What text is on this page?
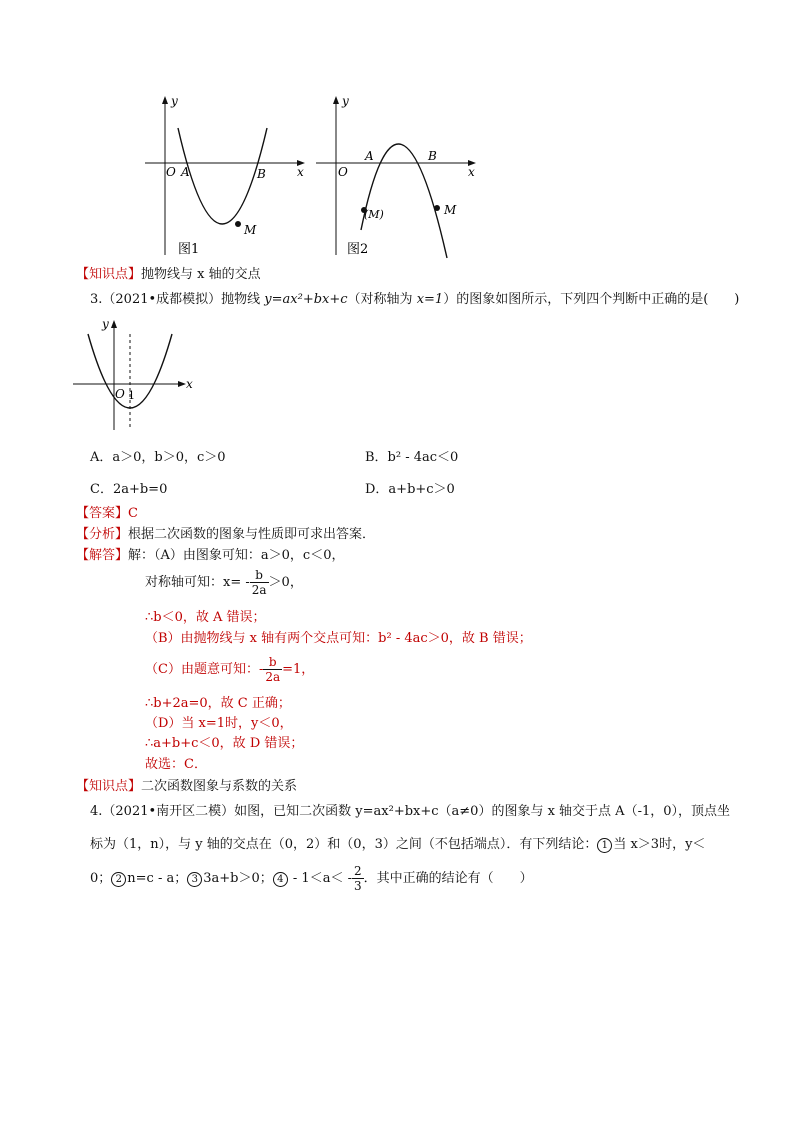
y
x
O A	B
M
图1
y
x
O
A	B
(M)	M
图2
【知识点】抛物线与 x 轴的交点
3.（2021•成都模拟）抛物线 y=ax²+bx+c（对称轴为 x=1）的图象如图所示，下列四个判断中正确的是(　　)
y
x
O 1
A．a＞0，b＞0，c＞0	B．b² - 4ac＜0
C．2a+b=0	D．a+b+c＞0
【答案】C
【分析】根据二次函数的图象与性质即可求出答案．
【解答】解：（A）由图象可知：a＞0，c＜0，
对称轴可知：$x= - \frac{b}{2a} >0$，
∴b＜0，故 A 错误；
（B）由抛物线与 x 轴有两个交点可知：b² - 4ac＞0，故 B 错误；
（C）由题意可知：- $\frac{b}{2a} =1$，
∴b+2a=0，故 C 正确；
（D）当 x=1时，y＜0，
∴a+b+c＜0，故 D 错误；
故选：C．
【知识点】二次函数图象与系数的关系
4.（2021•南开区二模）如图，已知二次函数 y=ax²+bx+c（a≠0）的图象与 x 轴交于点 A（-1，0），顶点坐
标为（1，n），与 y 轴的交点在（0，2）和（0，3）之间（不包括端点）．有下列结论： 1 当 x＞3时，y＜
0； 2 n=c - a； 3 3a+b＞0； $4 - 1<a< - \frac{2}{3}$ ．其中正确的结论有（　　）
